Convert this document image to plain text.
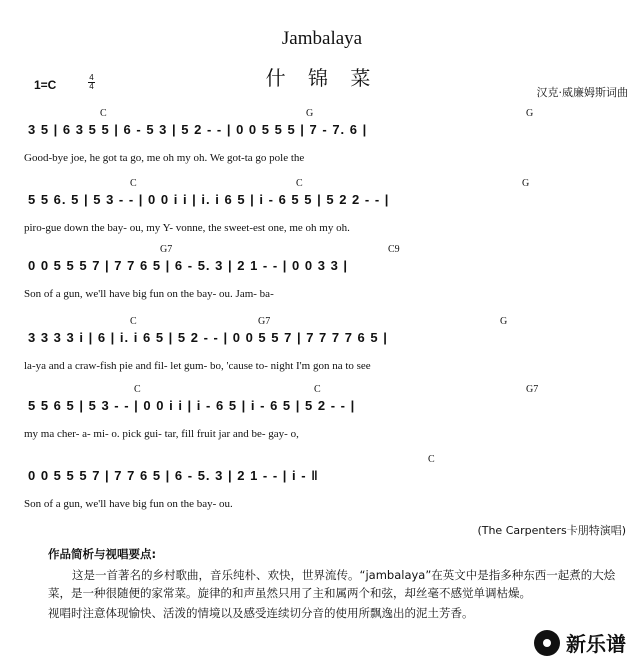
Jambalaya
什 锦 菜
1=C
4
4	汉克·威廉姆斯词曲
C	G	G
3 5 | 6 3 5 5 | 6 - 5 3 | 5 2 - - | 0 0 5 5 5 | 7 - 7. 6 |
Good-bye joe, he got ta go, me oh my oh. We got-ta go pole the
C	C	G
5 5 6. 5 | 5 3 - - | 0 0 i i | i. i 6 5 | i - 6 5 5 | 5 2 2 - - |
piro-gue down the bay- ou, my Y- vonne, the sweet-est one, me oh my oh.
G7	C9
0 0 5 5 5 7 | 7 7 6 5 | 6 - 5. 3 | 2 1 - - | 0 0 3 3 |
Son of a gun, we'll have big fun on the bay- ou. Jam- ba-
C	G7	G
3 3 3 3 i | 6 | i. i 6 5 | 5 2 - - | 0 0 5 5 7 | 7 7 7 7 6 5 |
la-ya and a craw-fish pie and fil- let gum- bo, 'cause to- night I'm gon na to see
C	C	G7
5 5 6 5 | 5 3 - - | 0 0 i i | i - 6 5 | i - 6 5 | 5 2 - - |
my ma cher- a- mi- o. pick gui- tar, fill fruit jar and be- gay- o,
C
0 0 5 5 5 7 | 7 7 6 5 | 6 - 5. 3 | 2 1 - - | i - ‖
Son of a gun, we'll have big fun on the bay- ou.
(The Carpenters卡朋特演唱)
作品简析与视唱要点:
这是一首著名的乡村歌曲，音乐纯朴、欢快，世界流传。“jambalaya”在英文中是指多种东西一起煮的大烩菜，是一种很随便的家常菜。旋律的和声虽然只用了主和属两个和弦，却丝毫不感觉单调枯燥。
视唱时注意体现愉快、活泼的情境以及感受连续切分音的使用所飘逸出的泥土芳香。
新乐谱
